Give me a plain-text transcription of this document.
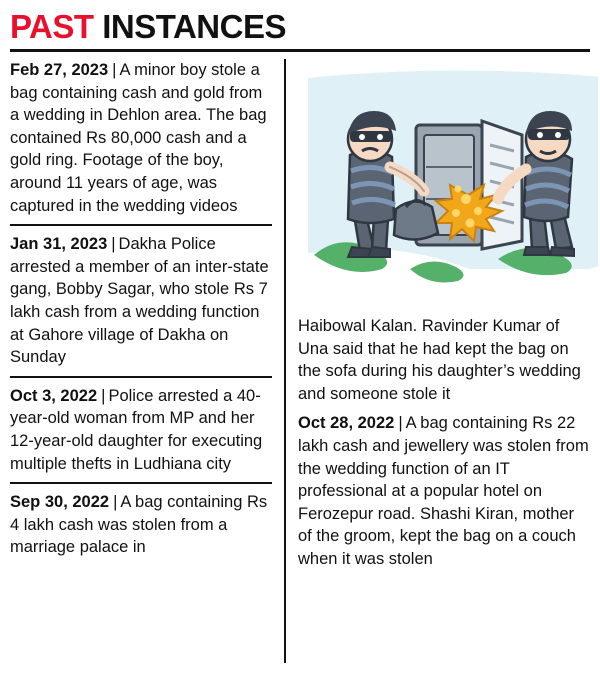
PAST INSTANCES
Feb 27, 2023 | A minor boy stole a bag containing cash and gold from a wedding in Dehlon area. The bag contained Rs 80,000 cash and a gold ring. Footage of the boy, around 11 years of age, was captured in the wedding videos
Jan 31, 2023 | Dakha Police arrested a member of an inter-state gang, Bobby Sagar, who stole Rs 7 lakh cash from a wedding function at Gahore village of Dakha on Sunday
Oct 3, 2022 | Police arrested a 40-year-old woman from MP and her 12-year-old daughter for executing multiple thefts in Ludhiana city
Sep 30, 2022 | A bag containing Rs 4 lakh cash was stolen from a marriage palace in
Haibowal Kalan. Ravinder Kumar of Una said that he had kept the bag on the sofa during his daughter’s wedding and someone stole it
Oct 28, 2022 | A bag containing Rs 22 lakh cash and jewellery was stolen from the wedding function of an IT professional at a popular hotel on Ferozepur road. Shashi Kiran, mother of the groom, kept the bag on a couch when it was stolen
